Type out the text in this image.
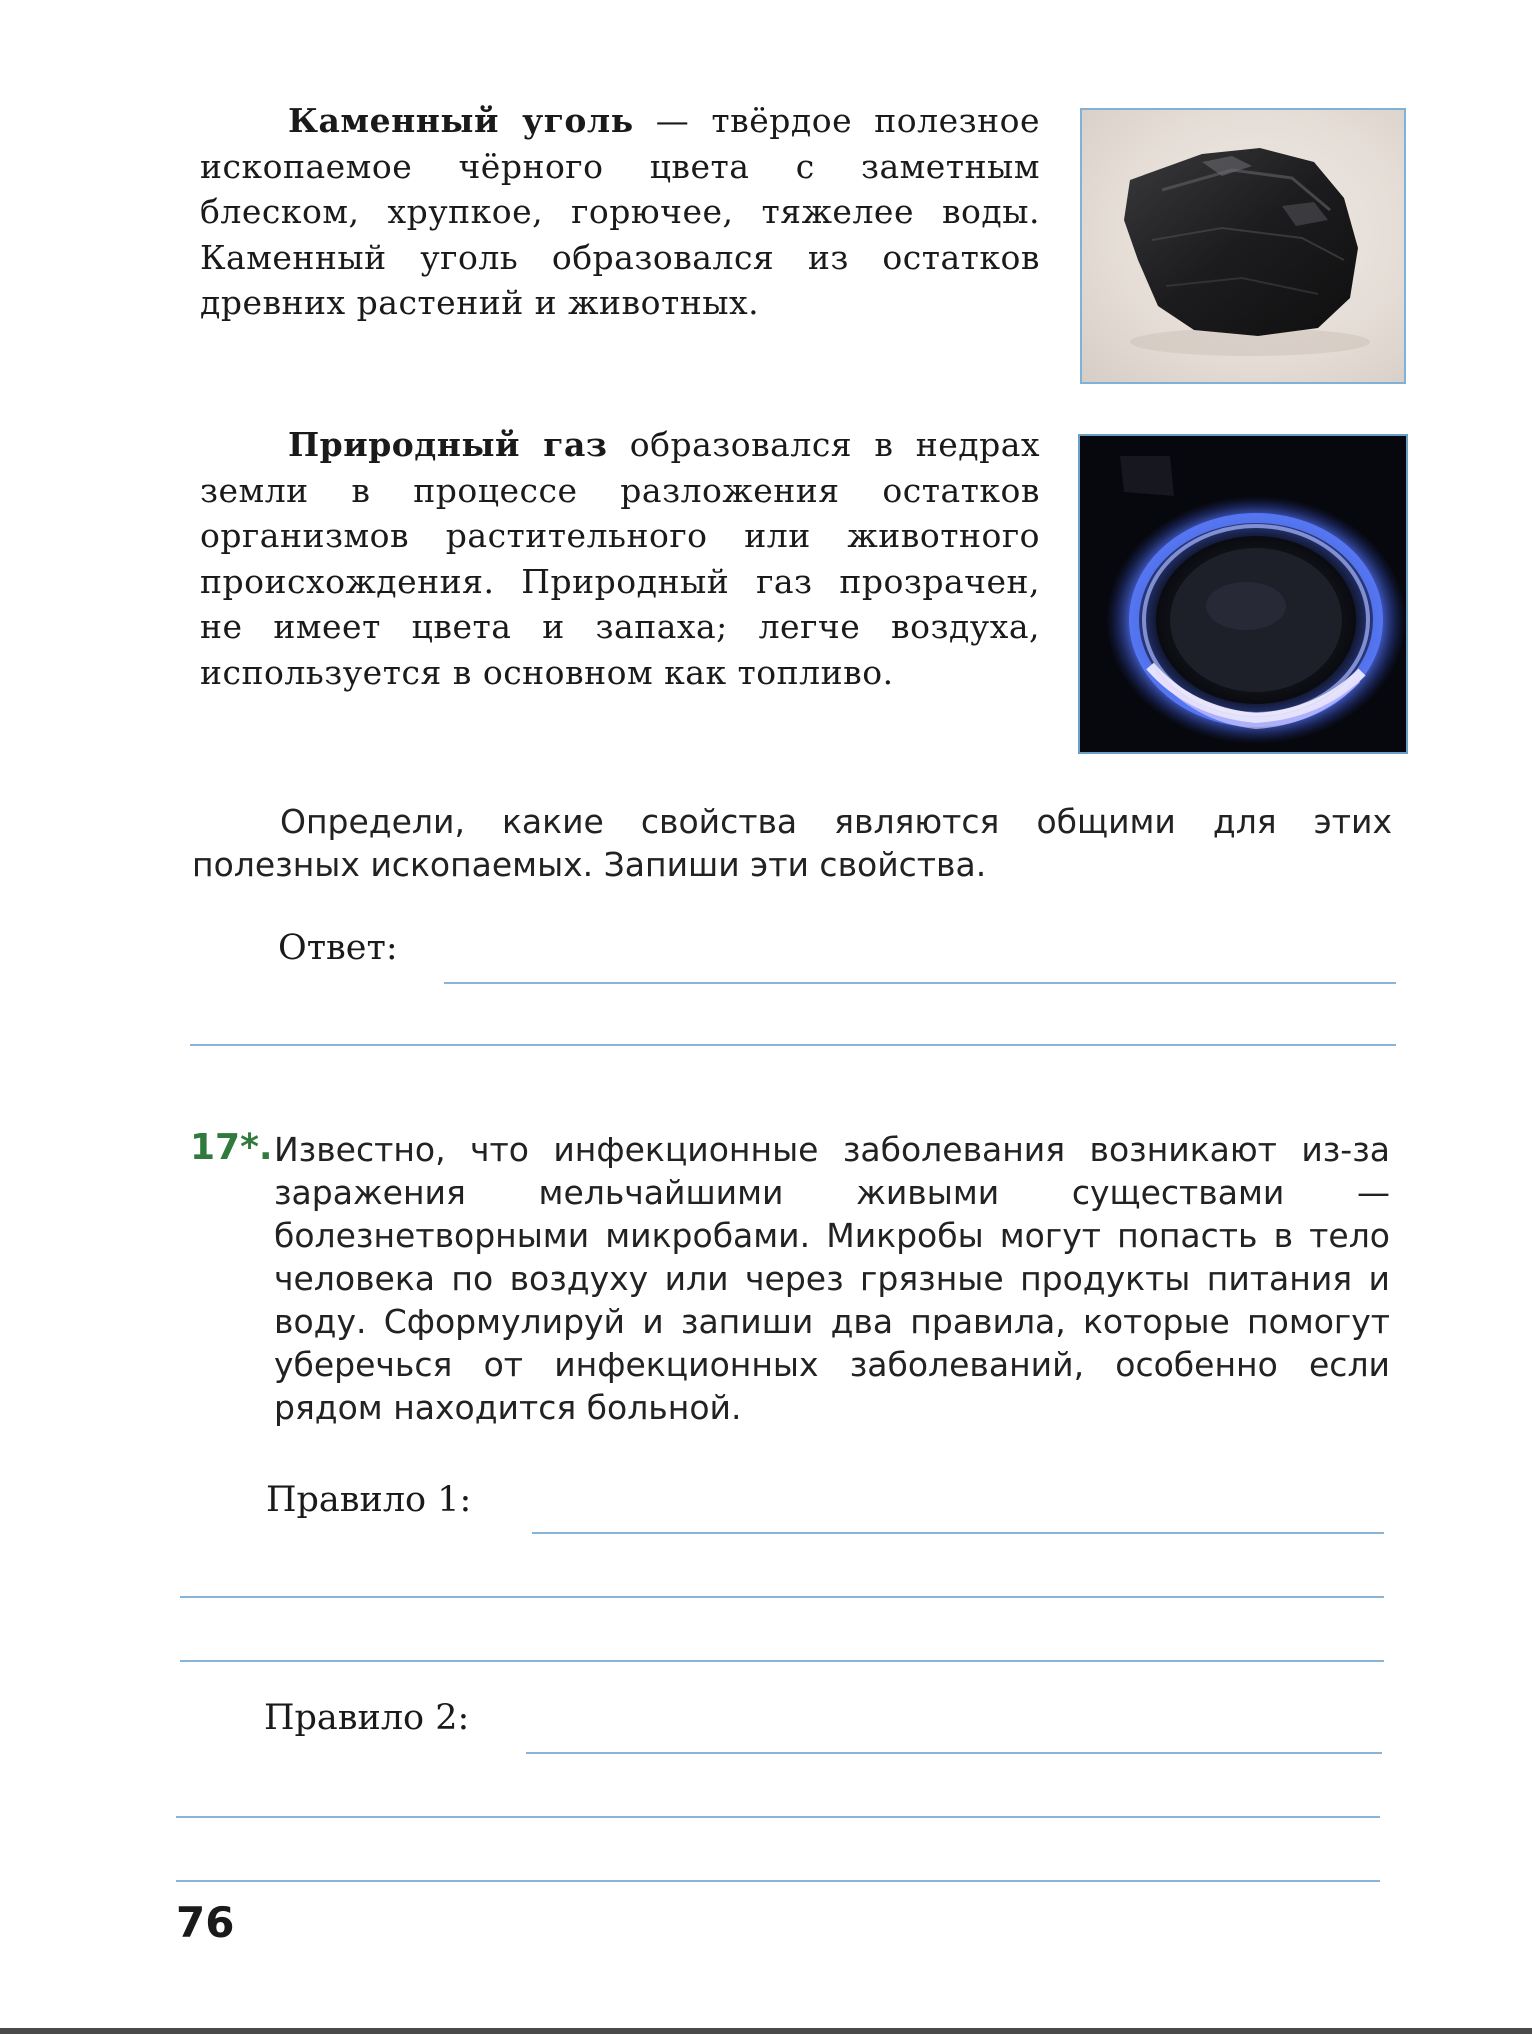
Каменный уголь — твёрдое полезное ископаемое чёрного цвета с заметным блеском, хрупкое, горючее, тяжелее воды. Каменный уголь образовался из остатков древних растений и животных.
Природный газ образовался в недрах земли в процессе разложения остатков организмов растительного или животного происхождения. Природный газ прозрачен, не имеет цвета и запаха; легче воздуха, используется в основном как топливо.
Определи, какие свойства являются общими для этих полезных ископаемых. Запиши эти свойства.
Ответ:
17*. Известно, что инфекционные заболевания возникают из-за заражения мельчайшими живыми существами — болезнетворными микробами. Микробы могут попасть в тело человека по воздуху или через грязные продукты питания и воду. Сформулируй и запиши два правила, которые помогут уберечься от инфекционных заболеваний, особенно если рядом находится больной.
Правило 1:
Правило 2:
76
